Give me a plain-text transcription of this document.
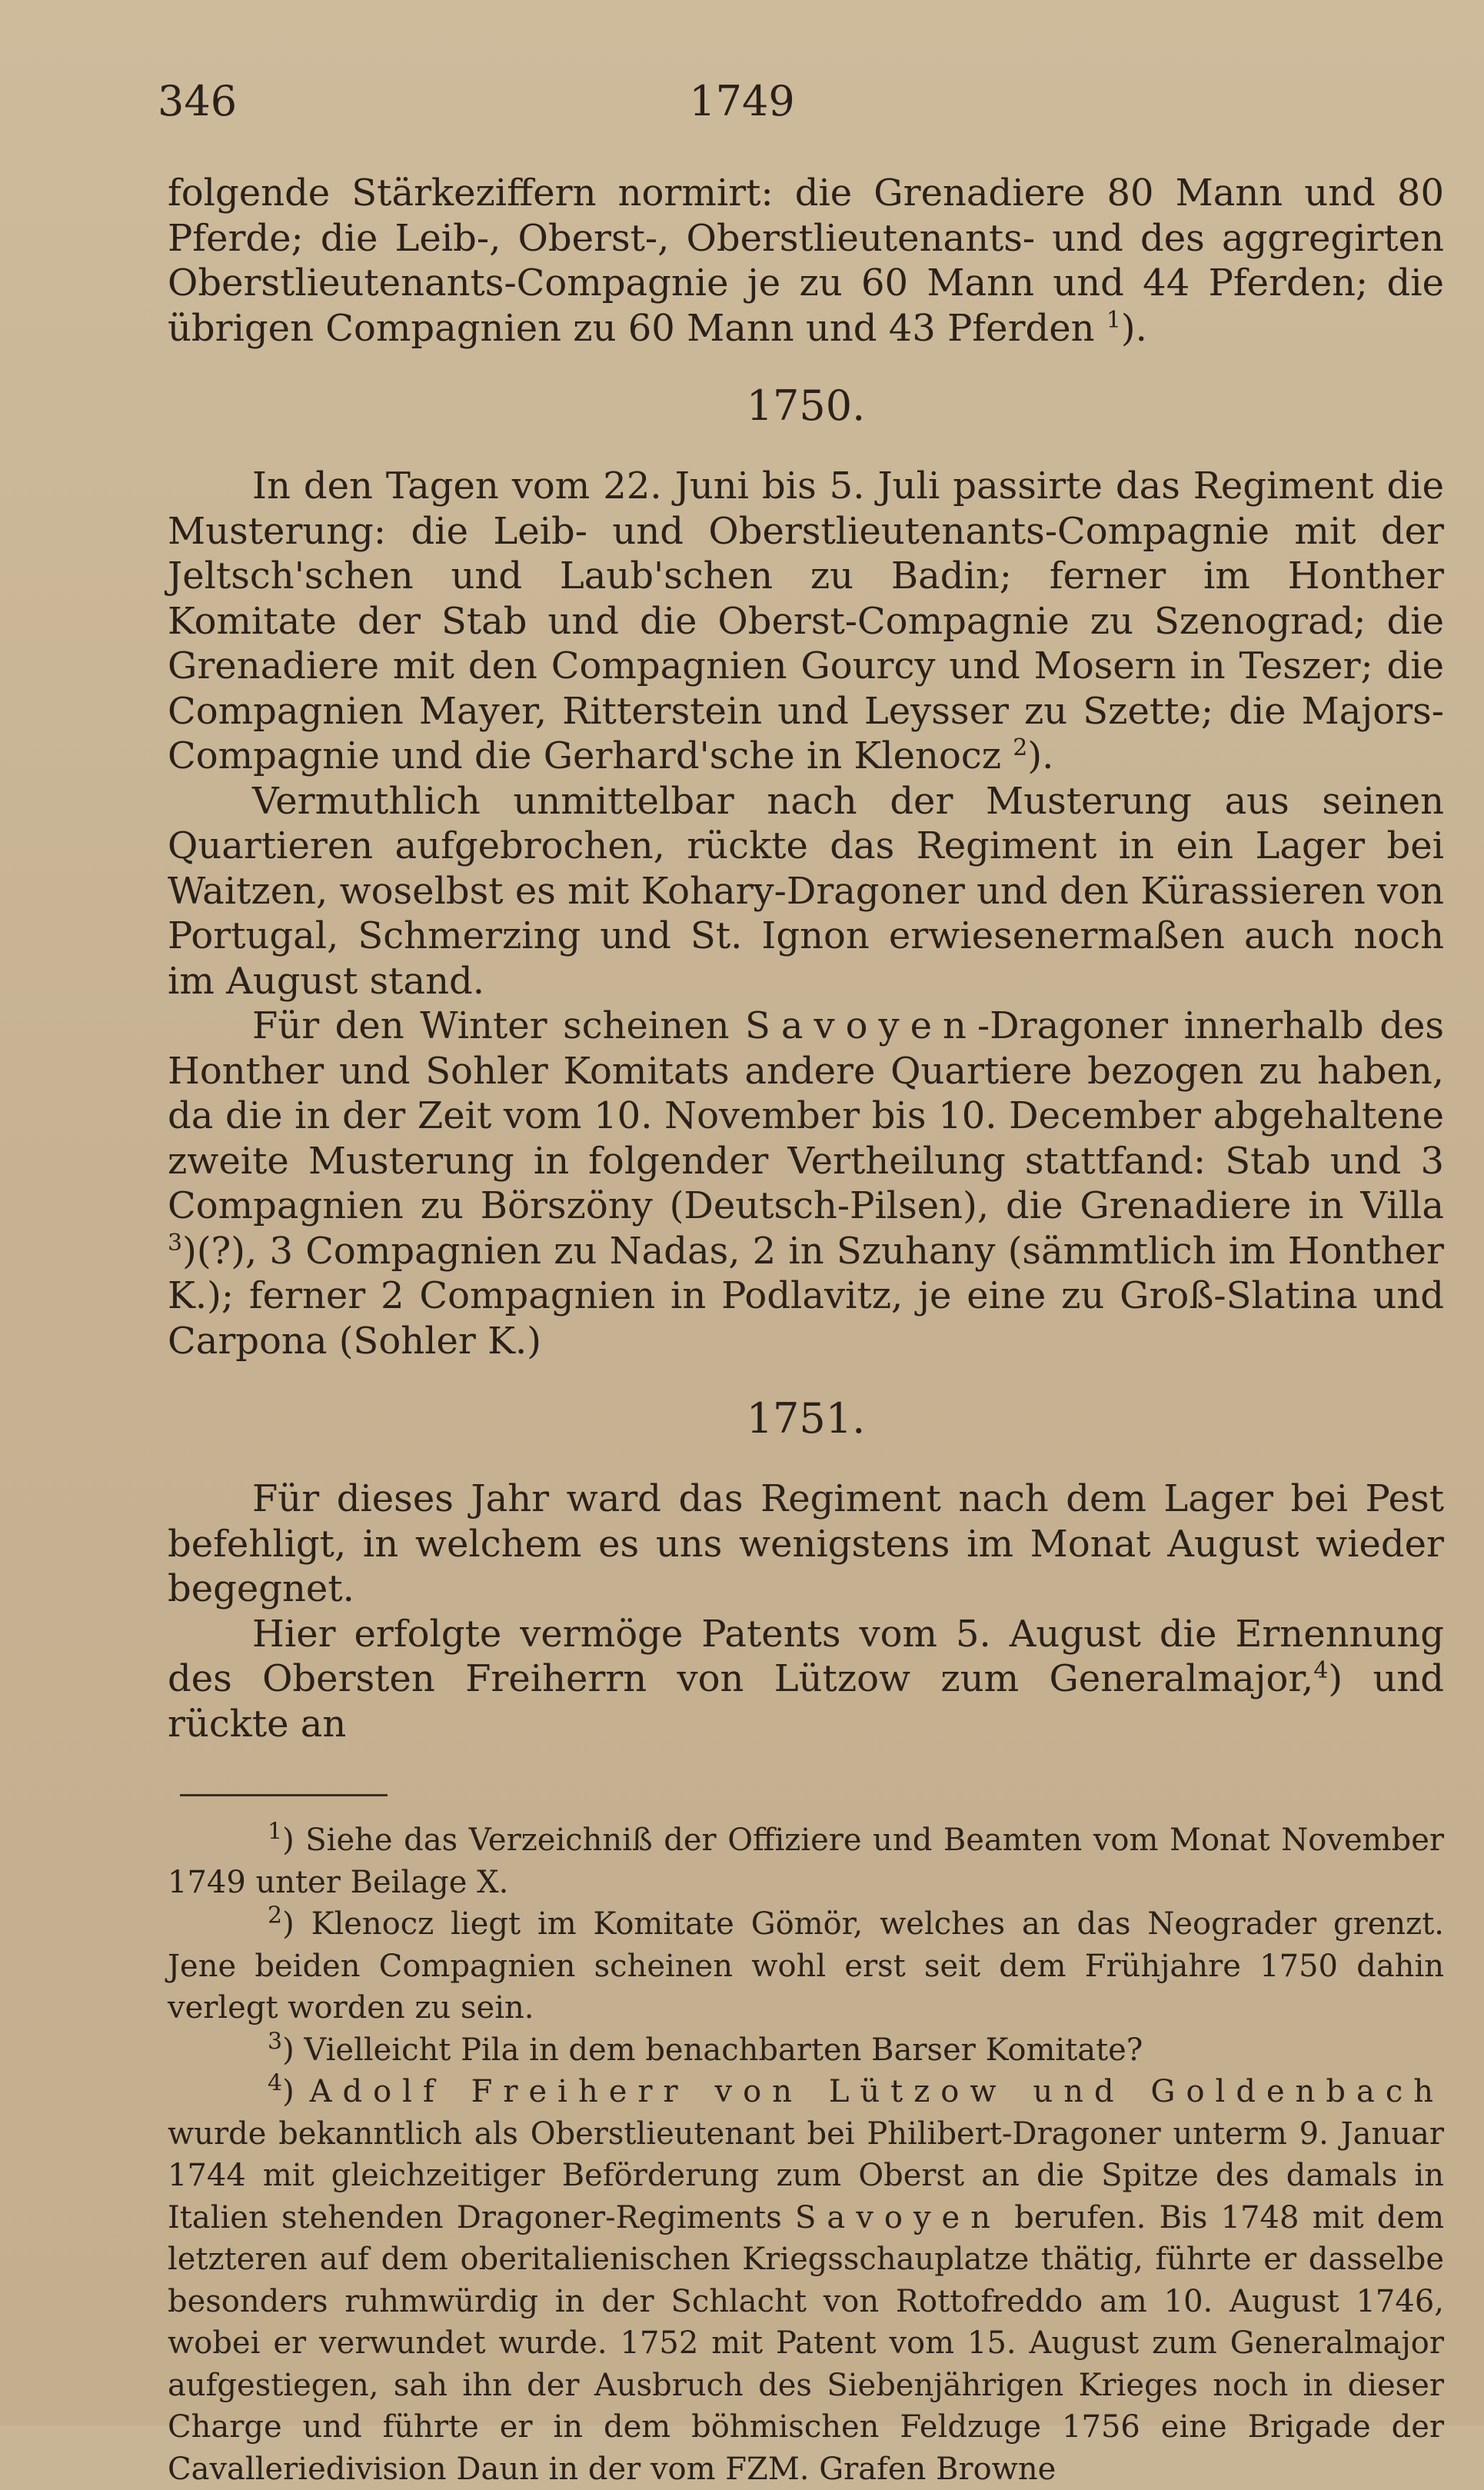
346	1749

folgende Stärkeziffern normirt: die Grenadiere 80 Mann und 80 Pferde; die Leib-, Oberst-, Oberstlieutenants- und des aggregirten Oberstlieutenants-Compagnie je zu 60 Mann und 44 Pferden; die übrigen Compagnien zu 60 Mann und 43 Pferden $^1$).

1750.

In den Tagen vom 22. Juni bis 5. Juli passirte das Regiment die Musterung: die Leib- und Oberstlieutenants-Compagnie mit der Jeltsch'schen und Laub'schen zu Badin; ferner im Honther Komitate der Stab und die Oberst-Compagnie zu Szenograd; die Grenadiere mit den Compagnien Gourcy und Mosern in Teszer; die Compagnien Mayer, Ritterstein und Leysser zu Szette; die Majors-Compagnie und die Gerhard'sche in Klenocz $^2$).

Vermuthlich unmittelbar nach der Musterung aus seinen Quartieren aufgebrochen, rückte das Regiment in ein Lager bei Waitzen, woselbst es mit Kohary-Dragoner und den Kürassieren von Portugal, Schmerzing und St. Ignon erwiesenermaßen auch noch im August stand.

Für den Winter scheinen Savoyen-Dragoner innerhalb des Honther und Sohler Komitats andere Quartiere bezogen zu haben, da die in der Zeit vom 10. November bis 10. December abgehaltene zweite Musterung in folgender Vertheilung stattfand: Stab und 3 Compagnien zu Börszöny (Deutsch-Pilsen), die Grenadiere in Villa $^3$)(?), 3 Compagnien zu Nadas, 2 in Szuhany (sämmtlich im Honther K.); ferner 2 Compagnien in Podlavitz, je eine zu Groß-Slatina und Carpona (Sohler K.)

1751.

Für dieses Jahr ward das Regiment nach dem Lager bei Pest befehligt, in welchem es uns wenigstens im Monat August wieder begegnet.

Hier erfolgte vermöge Patents vom 5. August die Ernennung des Obersten Freiherrn von Lützow zum Generalmajor,$^4$) und rückte an

$^1$) Siehe das Verzeichniß der Offiziere und Beamten vom Monat November 1749 unter Beilage X.

$^2$) Klenocz liegt im Komitate Gömör, welches an das Neograder grenzt. Jene beiden Compagnien scheinen wohl erst seit dem Frühjahre 1750 dahin verlegt worden zu sein.

$^3$) Vielleicht Pila in dem benachbarten Barser Komitate?

$^4$) Adolf Freiherr von Lützow und Goldenbach wurde bekanntlich als Oberstlieutenant bei Philibert-Dragoner unterm 9. Januar 1744 mit gleichzeitiger Beförderung zum Oberst an die Spitze des damals in Italien stehenden Dragoner-Regiments Savoyen berufen. Bis 1748 mit dem letzteren auf dem oberitalienischen Kriegsschauplatze thätig, führte er dasselbe besonders ruhmwürdig in der Schlacht von Rottofreddo am 10. August 1746, wobei er verwundet wurde. 1752 mit Patent vom 15. August zum Generalmajor aufgestiegen, sah ihn der Ausbruch des Siebenjährigen Krieges noch in dieser Charge und führte er in dem böhmischen Feldzuge 1756 eine Brigade der Cavalleriedivision Daun in der vom FZM. Grafen Browne
